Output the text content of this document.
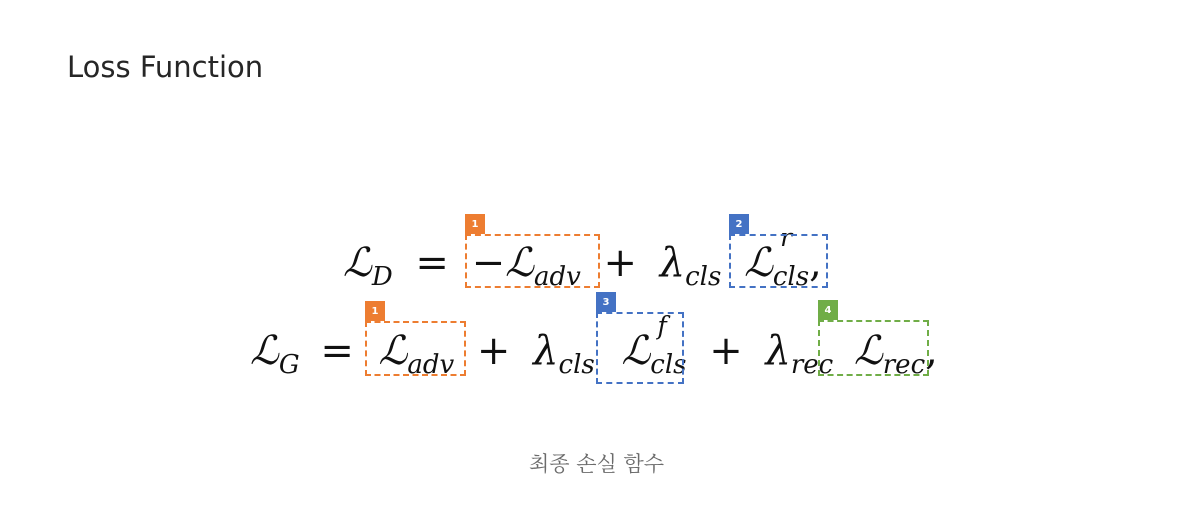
Loss Function
ℒD = −ℒadv + λcls ℒ
r
cls,
ℒG = ℒadv + λcls ℒ
f
cls + λrec ℒrec,
1	2
1
3
4
최종 손실 함수
